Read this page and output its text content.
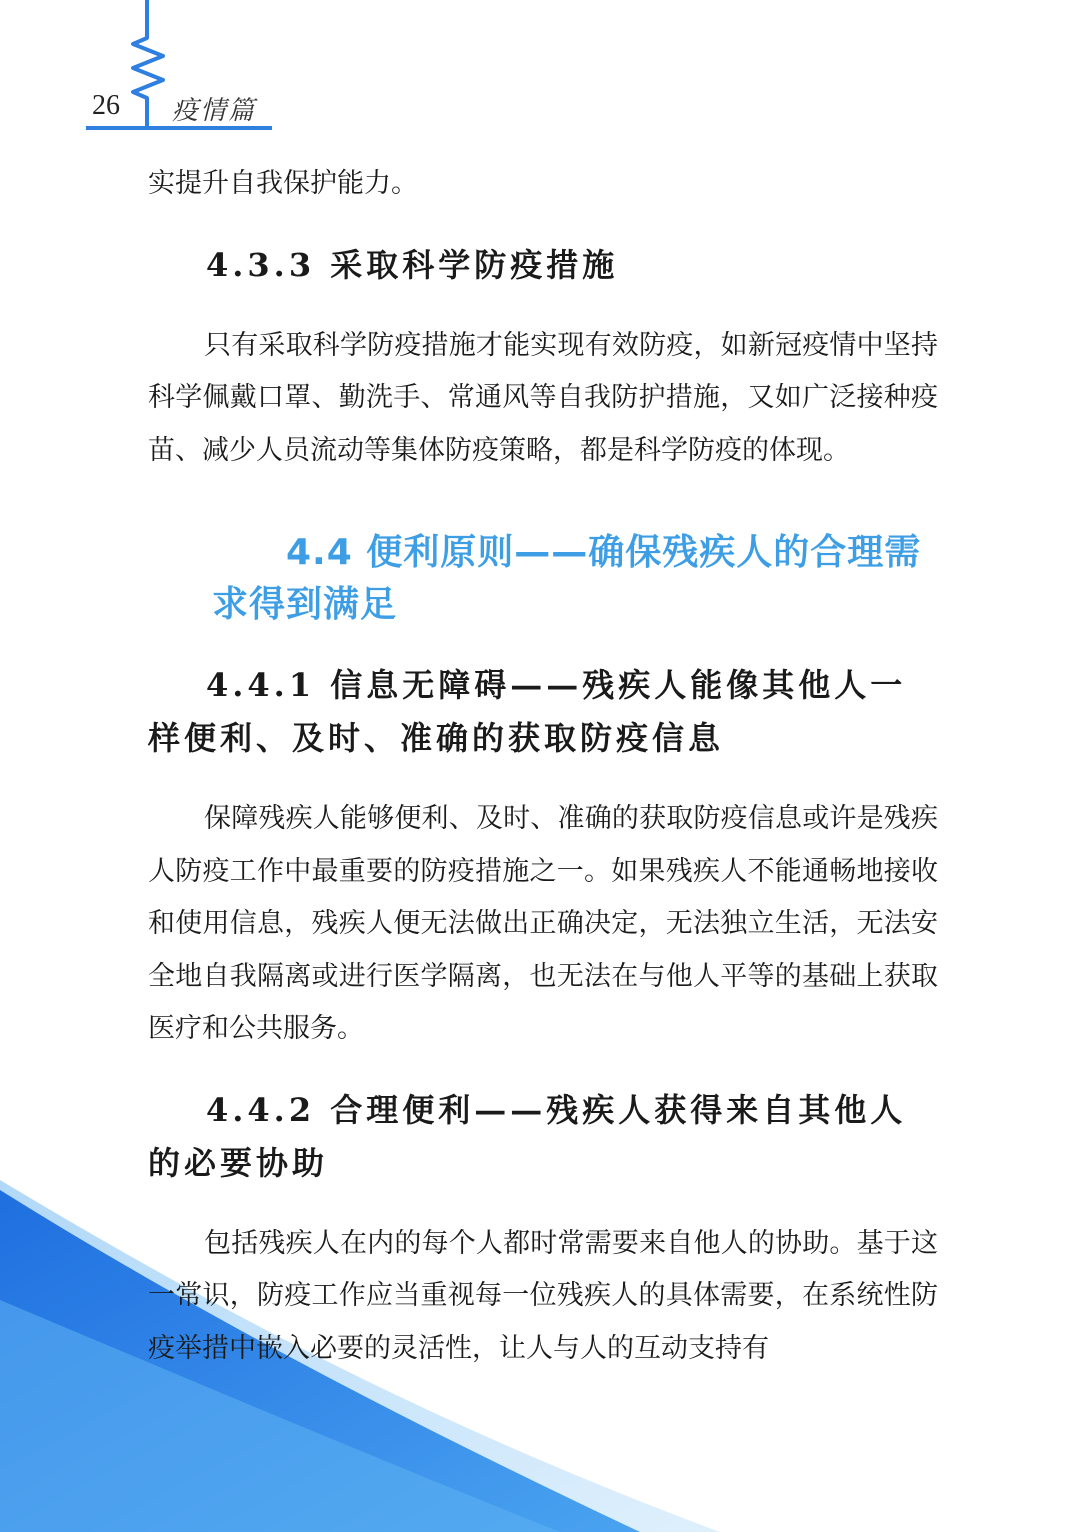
26 疫情篇

实提升自我保护能力。

4.3.3 采取科学防疫措施

只有采取科学防疫措施才能实现有效防疫，如新冠疫情中坚持科学佩戴口罩、勤洗手、常通风等自我防护措施，又如广泛接种疫苗、减少人员流动等集体防疫策略，都是科学防疫的体现。

4.4 便利原则——确保残疾人的合理需求得到满足
4.4.1 信息无障碍——残疾人能像其他人一样便利、及时、准确的获取防疫信息

保障残疾人能够便利、及时、准确的获取防疫信息或许是残疾人防疫工作中最重要的防疫措施之一。如果残疾人不能通畅地接收和使用信息，残疾人便无法做出正确决定，无法独立生活，无法安全地自我隔离或进行医学隔离，也无法在与他人平等的基础上获取医疗和公共服务。

4.4.2 合理便利——残疾人获得来自其他人的必要协助

包括残疾人在内的每个人都时常需要来自他人的协助。基于这一常识，防疫工作应当重视每一位残疾人的具体需要，在系统性防疫举措中嵌入必要的灵活性，让人与人的互动支持有
